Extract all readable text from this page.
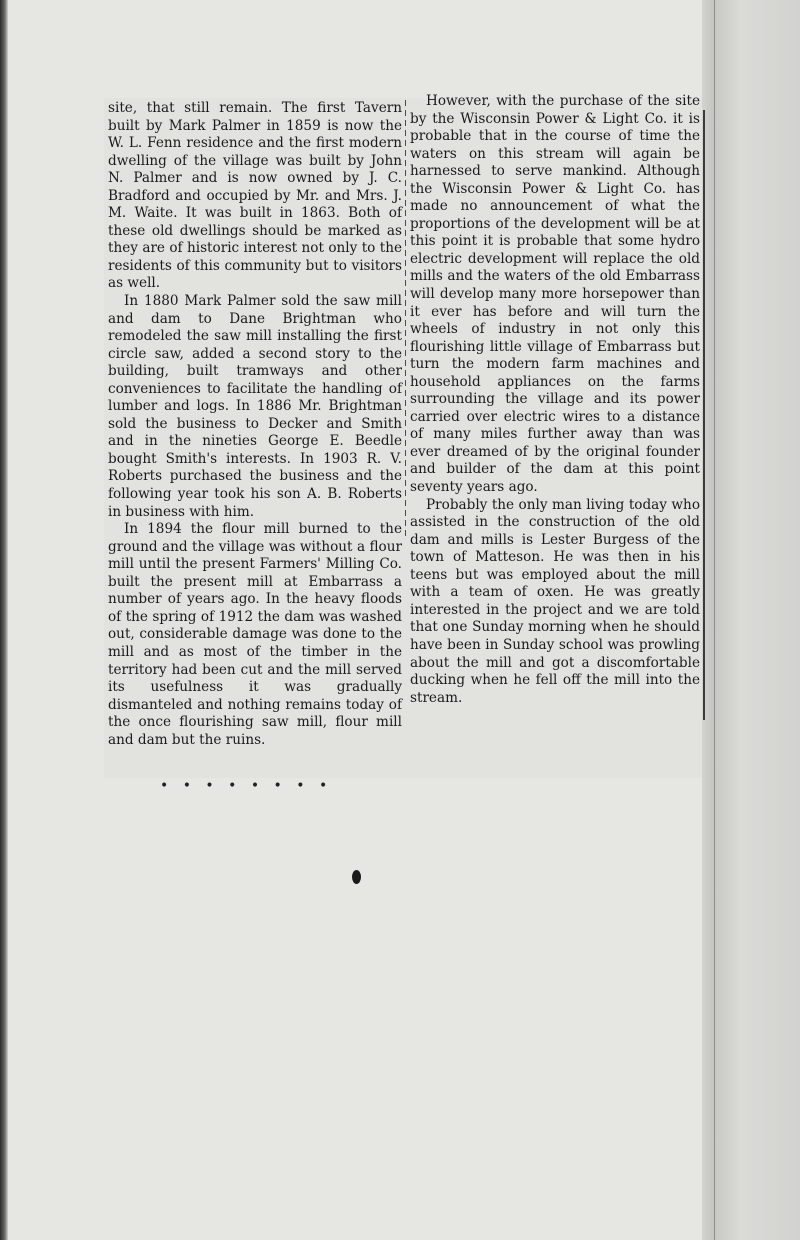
site, that still remain. The first Tavern built by Mark Palmer in 1859 is now the W. L. Fenn residence and the first modern dwelling of the village was built by John N. Palmer and is now owned by J. C. Bradford and occupied by Mr. and Mrs. J. M. Waite. It was built in 1863. Both of these old dwellings should be marked as they are of historic interest not only to the residents of this community but to visitors as well.

In 1880 Mark Palmer sold the saw mill and dam to Dane Brightman who remodeled the saw mill installing the first circle saw, added a second story to the building, built tramways and other conveniences to facilitate the handling of lumber and logs. In 1886 Mr. Brightman sold the business to Decker and Smith and in the nineties George E. Beedle bought Smith's interests. In 1903 R. V. Roberts purchased the business and the following year took his son A. B. Roberts in business with him.

In 1894 the flour mill burned to the ground and the village was without a flour mill until the present Farmers' Milling Co. built the present mill at Embarrass a number of years ago. In the heavy floods of the spring of 1912 the dam was washed out, considerable damage was done to the mill and as most of the timber in the territory had been cut and the mill served its usefulness it was gradually dismanteled and nothing remains today of the once flourishing saw mill, flour mill and dam but the ruins.

However, with the purchase of the site by the Wisconsin Power & Light Co. it is probable that in the course of time the waters on this stream will again be harnessed to serve mankind. Although the Wisconsin Power & Light Co. has made no announcement of what the proportions of the development will be at this point it is probable that some hydro electric development will replace the old mills and the waters of the old Embarrass will develop many more horsepower than it ever has before and will turn the wheels of industry in not only this flourishing little village of Embarrass but turn the modern farm machines and household appliances on the farms surrounding the village and its power carried over electric wires to a distance of many miles further away than was ever dreamed of by the original founder and builder of the dam at this point seventy years ago.

Probably the only man living today who assisted in the construction of the old dam and mills is Lester Burgess of the town of Matteson. He was then in his teens but was employed about the mill with a team of oxen. He was greatly interested in the project and we are told that one Sunday morning when he should have been in Sunday school was prowling about the mill and got a discomfortable ducking when he fell off the mill into the stream.

• • • • • • • •
